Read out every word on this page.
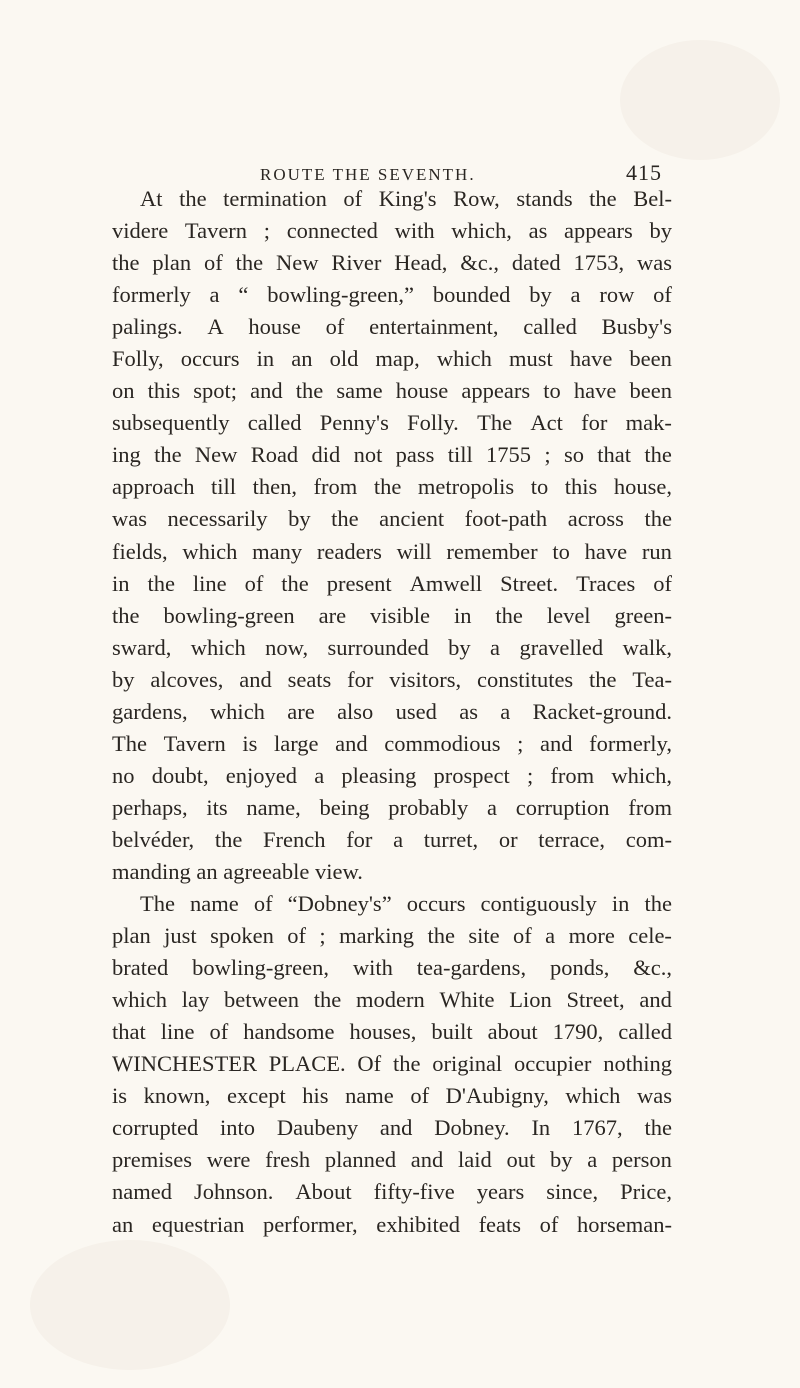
ROUTE THE SEVENTH.	415
At the termination of King's Row, stands the Bel-
videre Tavern ; connected with which, as appears by
the plan of the New River Head, &c., dated 1753, was
formerly a “ bowling-green,” bounded by a row of
palings. A house of entertainment, called Busby's
Folly, occurs in an old map, which must have been
on this spot; and the same house appears to have been
subsequently called Penny's Folly. The Act for mak-
ing the New Road did not pass till 1755 ; so that the
approach till then, from the metropolis to this house,
was necessarily by the ancient foot-path across the
fields, which many readers will remember to have run
in the line of the present Amwell Street. Traces of
the bowling-green are visible in the level green-
sward, which now, surrounded by a gravelled walk,
by alcoves, and seats for visitors, constitutes the Tea-
gardens, which are also used as a Racket-ground.
The Tavern is large and commodious ; and formerly,
no doubt, enjoyed a pleasing prospect ; from which,
perhaps, its name, being probably a corruption from
belvéder, the French for a turret, or terrace, com-
manding an agreeable view.
The name of “Dobney's” occurs contiguously in the
plan just spoken of ; marking the site of a more cele-
brated bowling-green, with tea-gardens, ponds, &c.,
which lay between the modern White Lion Street, and
that line of handsome houses, built about 1790, called
WINCHESTER PLACE. Of the original occupier nothing
is known, except his name of D'Aubigny, which was
corrupted into Daubeny and Dobney. In 1767, the
premises were fresh planned and laid out by a person
named Johnson. About fifty-five years since, Price,
an equestrian performer, exhibited feats of horseman-
